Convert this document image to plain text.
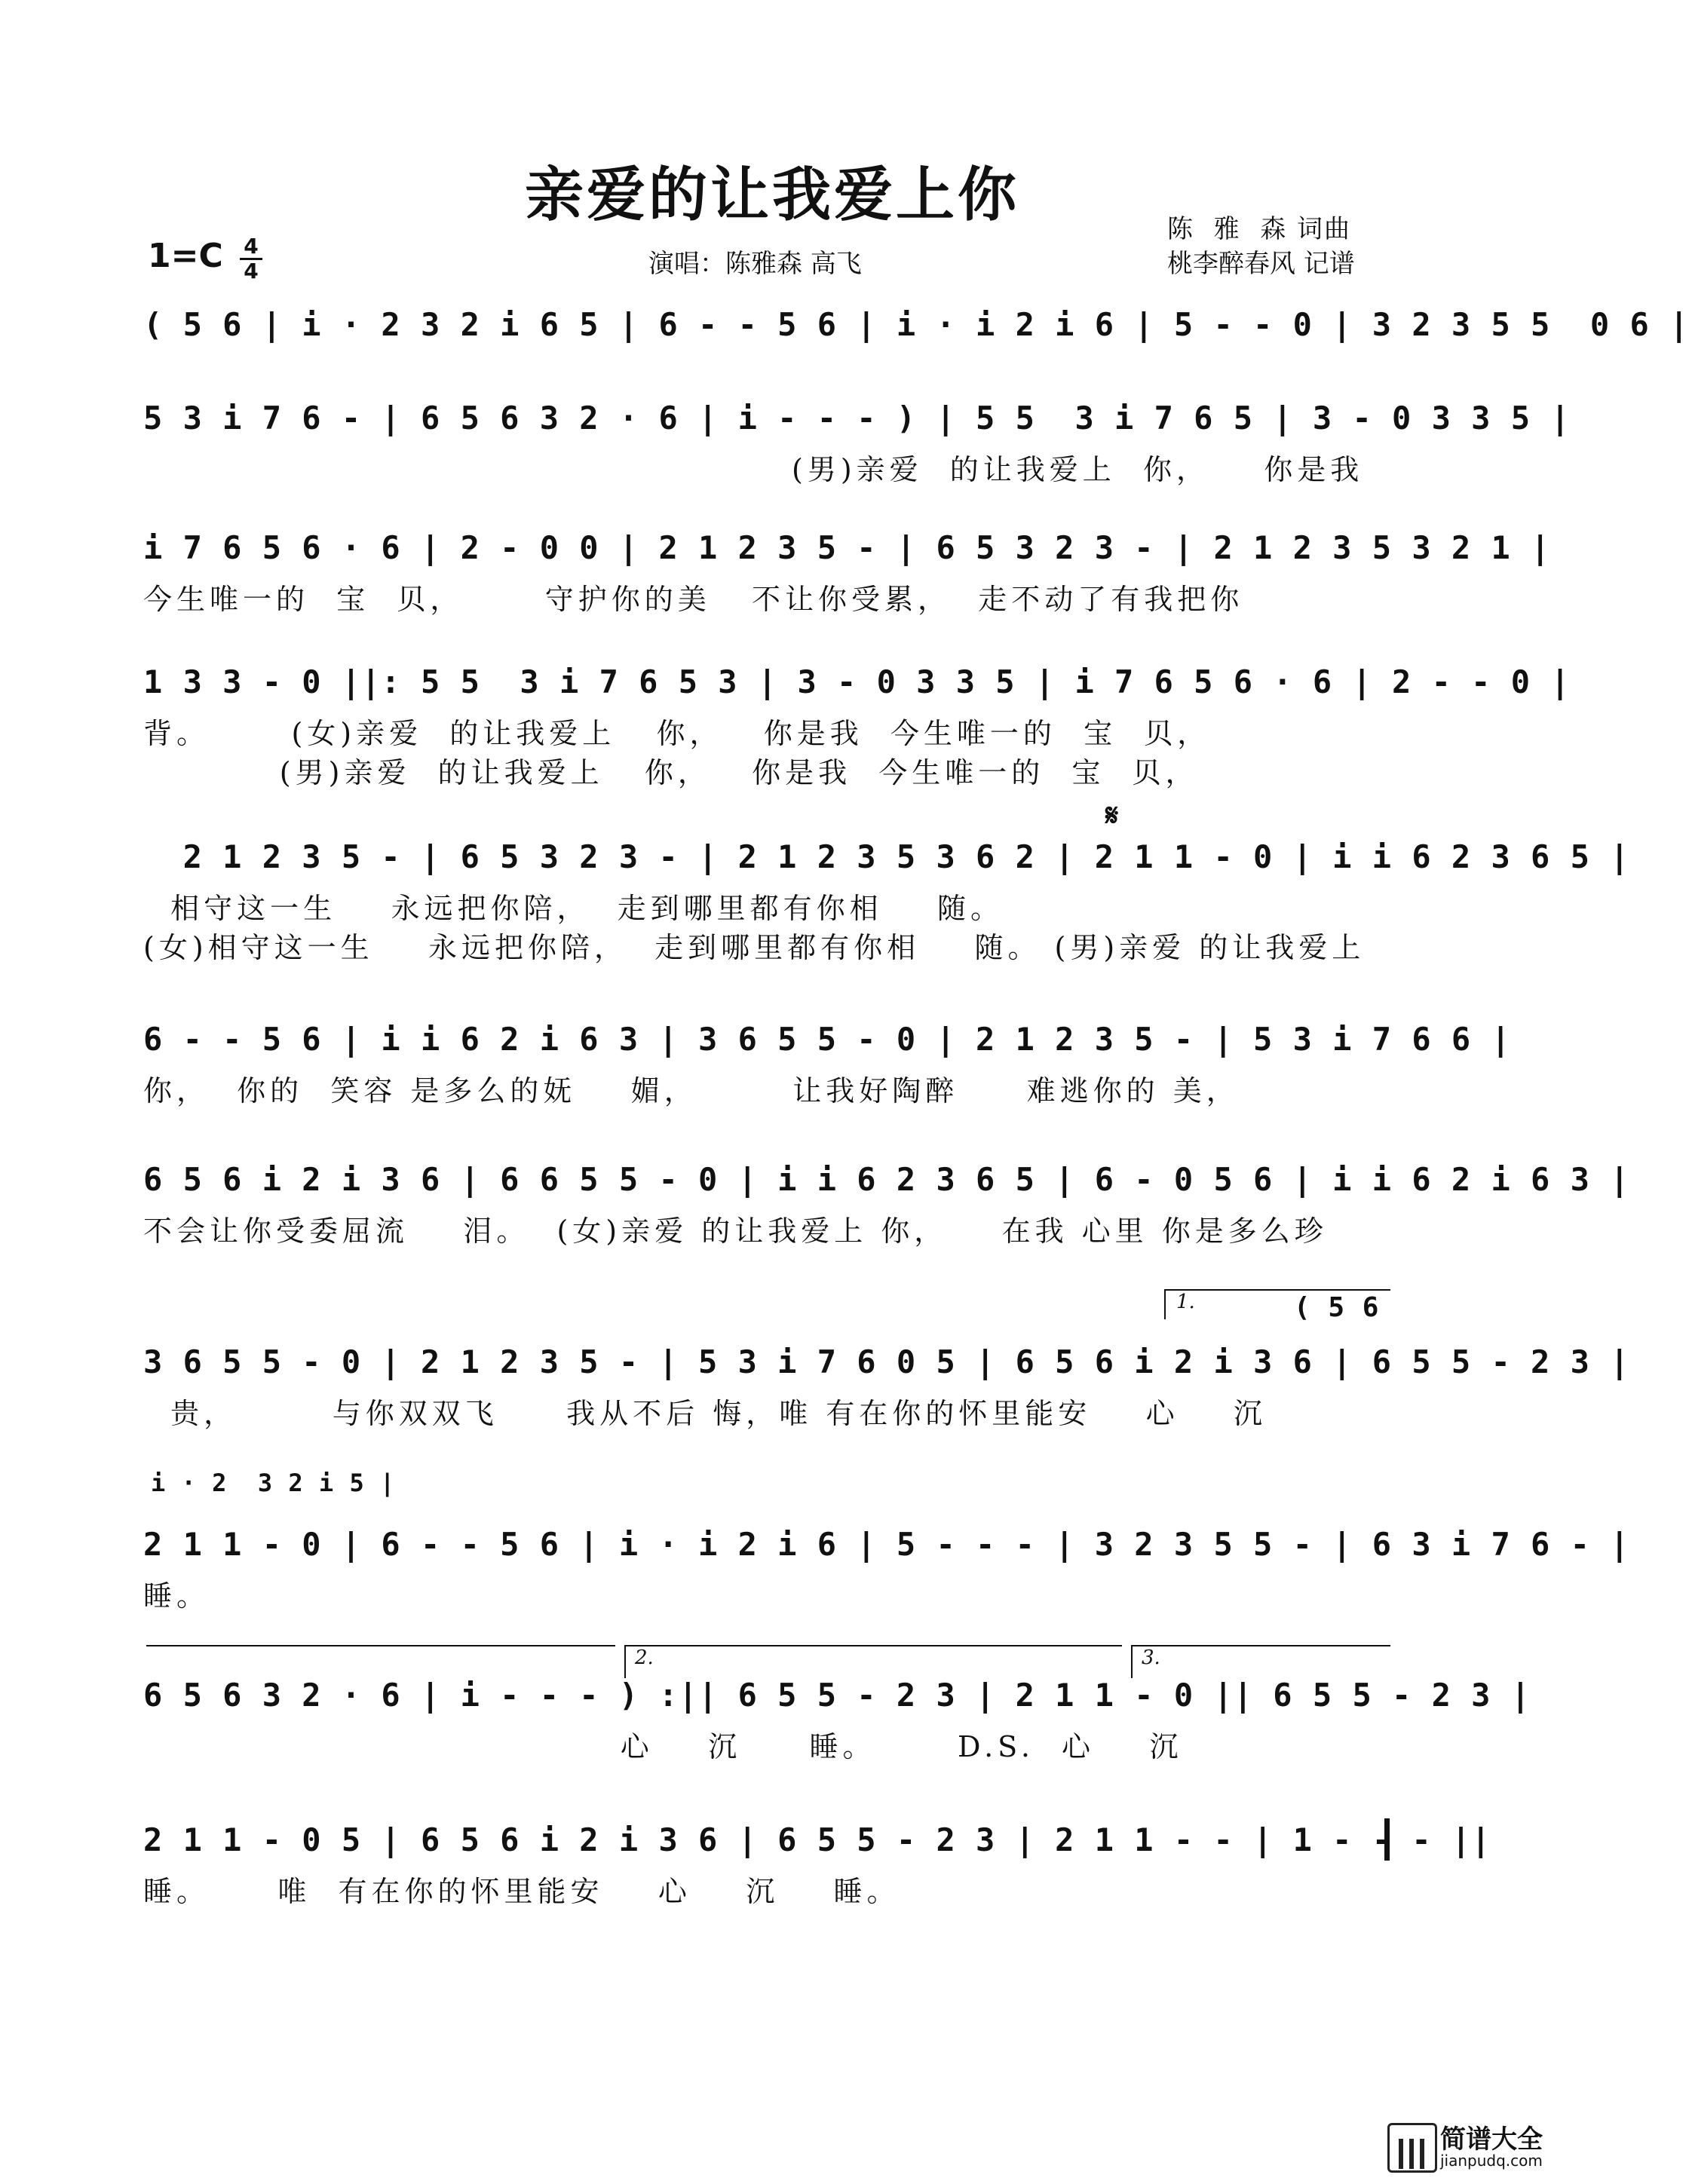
亲爱的让我爱上你
1=C 4
4	演唱：陈雅森 高飞
陈  雅  森 词曲
桃李醉春风 记谱
( 5 6 | i · 2 3 2 i 6 5 | 6 - - 5 6 | i · i 2 i 6 | 5 - - 0 | 3 2 3 5 5  0 6 |
5 3 i 7 6 - | 6 5 6 3 2 · 6 | i - - - ) | 5 5  3 i 7 6 5 | 3 - 0 3 3 5 |
(男)亲爱  的让我爱上  你，    你是我
i 7 6 5 6 · 6 | 2 - 0 0 | 2 1 2 3 5 - | 6 5 3 2 3 - | 2 1 2 3 5 3 2 1 |
今生唯一的  宝  贝，      守护你的美   不让你受累，  走不动了有我把你
1 3 3 - 0 ||: 5 5  3 i 7 6 5 3 | 3 - 0 3 3 5 | i 7 6 5 6 · 6 | 2 - - 0 |
背。      (女)亲爱  的让我爱上   你，   你是我  今生唯一的  宝  贝，
(男)亲爱  的让我爱上   你，   你是我  今生唯一的  宝  贝，
𝄋
2 1 2 3 5 - | 6 5 3 2 3 - | 2 1 2 3 5 3 6 2 | 2 1 1 - 0 | i i 6 2 3 6 5 |
相守这一生    永远把你陪，  走到哪里都有你相    随。
(女)相守这一生    永远把你陪，  走到哪里都有你相    随。 (男)亲爱 的让我爱上
6 - - 5 6 | i i 6 2 i 6 3 | 3 6 5 5 - 0 | 2 1 2 3 5 - | 5 3 i 7 6 6 |
你，  你的  笑容 是多么的妩    媚，       让我好陶醉     难逃你的 美，
6 5 6 i 2 i 3 6 | 6 6 5 5 - 0 | i i 6 2 3 6 5 | 6 - 0 5 6 | i i 6 2 i 6 3 |
不会让你受委屈流    泪。  (女)亲爱 的让我爱上 你，    在我 心里 你是多么珍
1.	( 5 6
3 6 5 5 - 0 | 2 1 2 3 5 - | 5 3 i 7 6 0 5 | 6 5 6 i 2 i 3 6 | 6 5 5 - 2 3 |
贵，       与你双双飞     我从不后 悔，唯 有在你的怀里能安    心    沉
i · 2  3 2 i 5 |
2 1 1 - 0 | 6 - - 5 6 | i · i 2 i 6 | 5 - - - | 3 2 3 5 5 - | 6 3 i 7 6 - |
睡。
2.	3.
6 5 6 3 2 · 6 | i - - - ) :|| 6 5 5 - 2 3 | 2 1 1 - 0 || 6 5 5 - 2 3 |
心    沉     睡。      D.S.  心    沉
2 1 1 - 0 5 | 6 5 6 i 2 i 3 6 | 6 5 5 - 2 3 | 2 1 1 - - | 1 - - - ||
睡。     唯  有在你的怀里能安    心    沉    睡。
简谱大全
jianpudq.com
